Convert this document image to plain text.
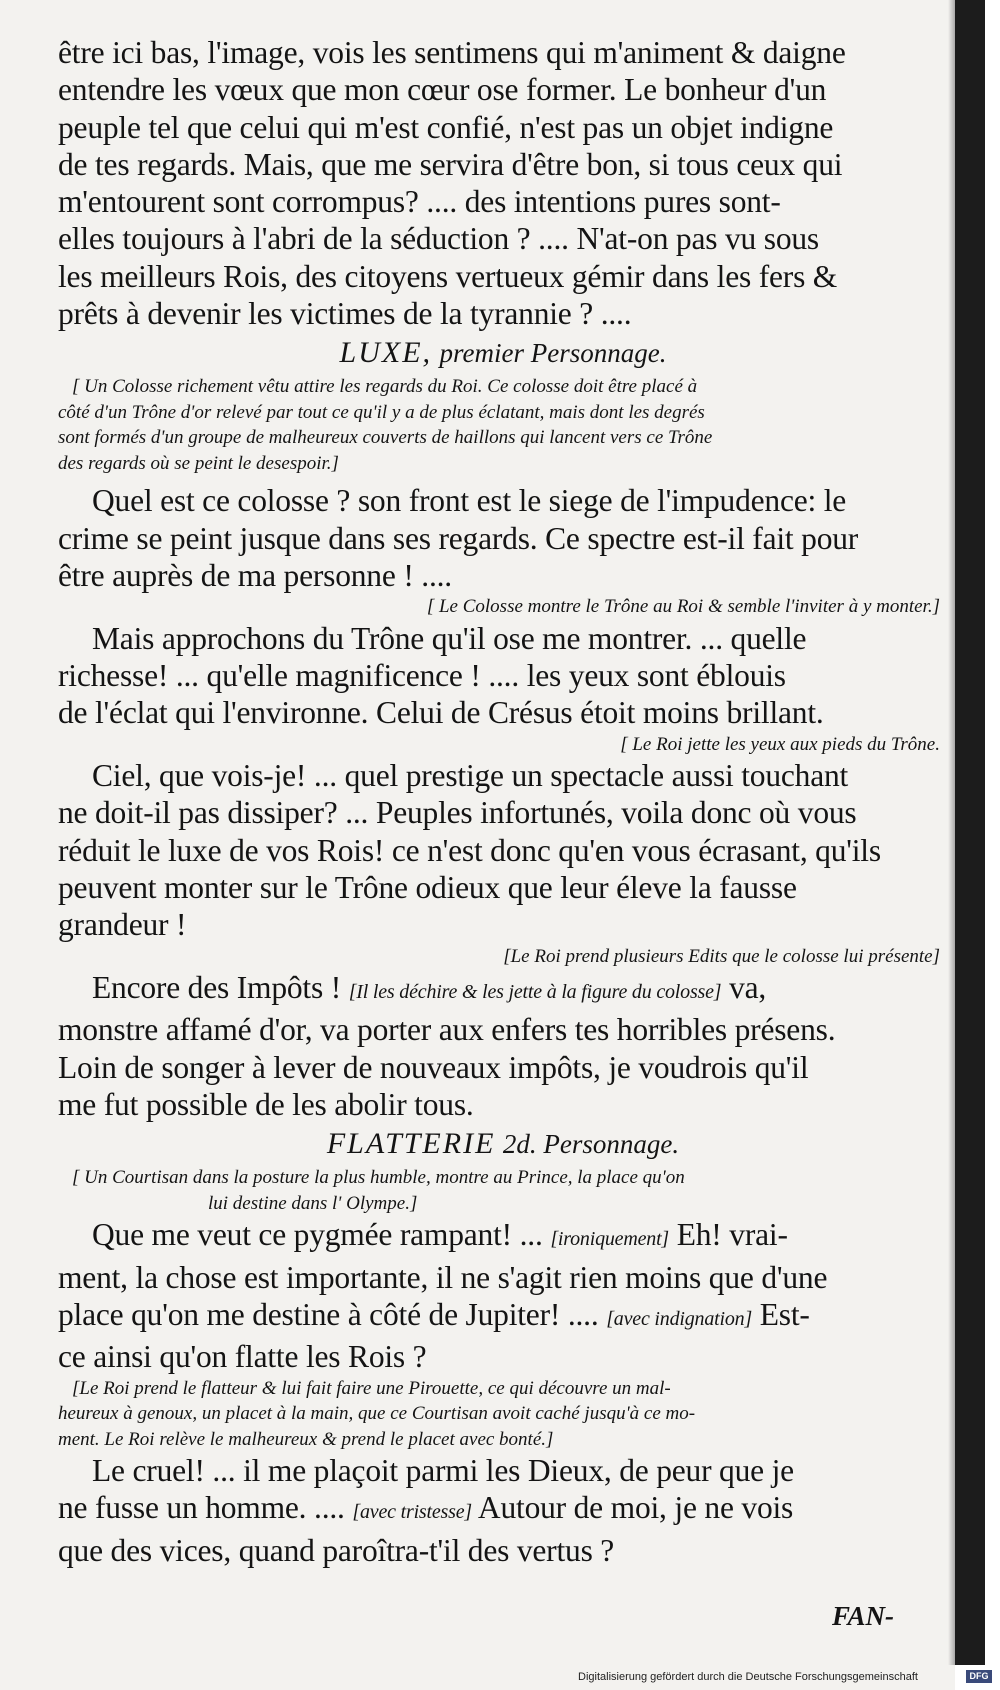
être ici bas, l'image, vois les sentimens qui m'animent & daigne
entendre les vœux que mon cœur ose former. Le bonheur d'un
peuple tel que celui qui m'est confié, n'est pas un objet indigne
de tes regards. Mais, que me servira d'être bon, si tous ceux qui
m'entourent sont corrompus? .... des intentions pures sont-
elles toujours à l'abri de la séduction ? .... N'at-on pas vu sous
les meilleurs Rois, des citoyens vertueux gémir dans les fers &
prêts à devenir les victimes de la tyrannie ? ....
LUXE, premier Personnage.
[ Un Colosse richement vêtu attire les regards du Roi. Ce colosse doit être placé à
côté d'un Trône d'or relevé par tout ce qu'il y a de plus éclatant, mais dont les degrés
sont formés d'un groupe de malheureux couverts de haillons qui lancent vers ce Trône
des regards où se peint le desespoir.]
Quel est ce colosse ? son front est le siege de l'impudence: le
crime se peint jusque dans ses regards. Ce spectre est-il fait pour
être auprès de ma personne ! ....
[ Le Colosse montre le Trône au Roi & semble l'inviter à y monter.]
Mais approchons du Trône qu'il ose me montrer. ... quelle
richesse! ... qu'elle magnificence ! .... les yeux sont éblouis
de l'éclat qui l'environne. Celui de Crésus étoit moins brillant.
[ Le Roi jette les yeux aux pieds du Trône.
Ciel, que vois-je! ... quel prestige un spectacle aussi touchant
ne doit-il pas dissiper? ... Peuples infortunés, voila donc où vous
réduit le luxe de vos Rois! ce n'est donc qu'en vous écrasant, qu'ils
peuvent monter sur le Trône odieux que leur éleve la fausse
grandeur !
[Le Roi prend plusieurs Edits que le colosse lui présente]
Encore des Impôts ! [Il les déchire & les jette à la figure du colosse] va,
monstre affamé d'or, va porter aux enfers tes horribles présens.
Loin de songer à lever de nouveaux impôts, je voudrois qu'il
me fut possible de les abolir tous.
FLATTERIE 2d. Personnage.
[ Un Courtisan dans la posture la plus humble, montre au Prince, la place qu'on
lui destine dans l' Olympe.]
Que me veut ce pygmée rampant! ... [ironiquement] Eh! vrai-
ment, la chose est importante, il ne s'agit rien moins que d'une
place qu'on me destine à côté de Jupiter! .... [avec indignation] Est-
ce ainsi qu'on flatte les Rois ?
[Le Roi prend le flatteur & lui fait faire une Pirouette, ce qui découvre un mal-
heureux à genoux, un placet à la main, que ce Courtisan avoit caché jusqu'à ce mo-
ment. Le Roi relève le malheureux & prend le placet avec bonté.]
Le cruel! ... il me plaçoit parmi les Dieux, de peur que je
ne fusse un homme. .... [avec tristesse] Autour de moi, je ne vois
que des vices, quand paroîtra-t'il des vertus ?
FAN-
Digitalisierung gefördert durch die Deutsche Forschungsgemeinschaft	DFG
